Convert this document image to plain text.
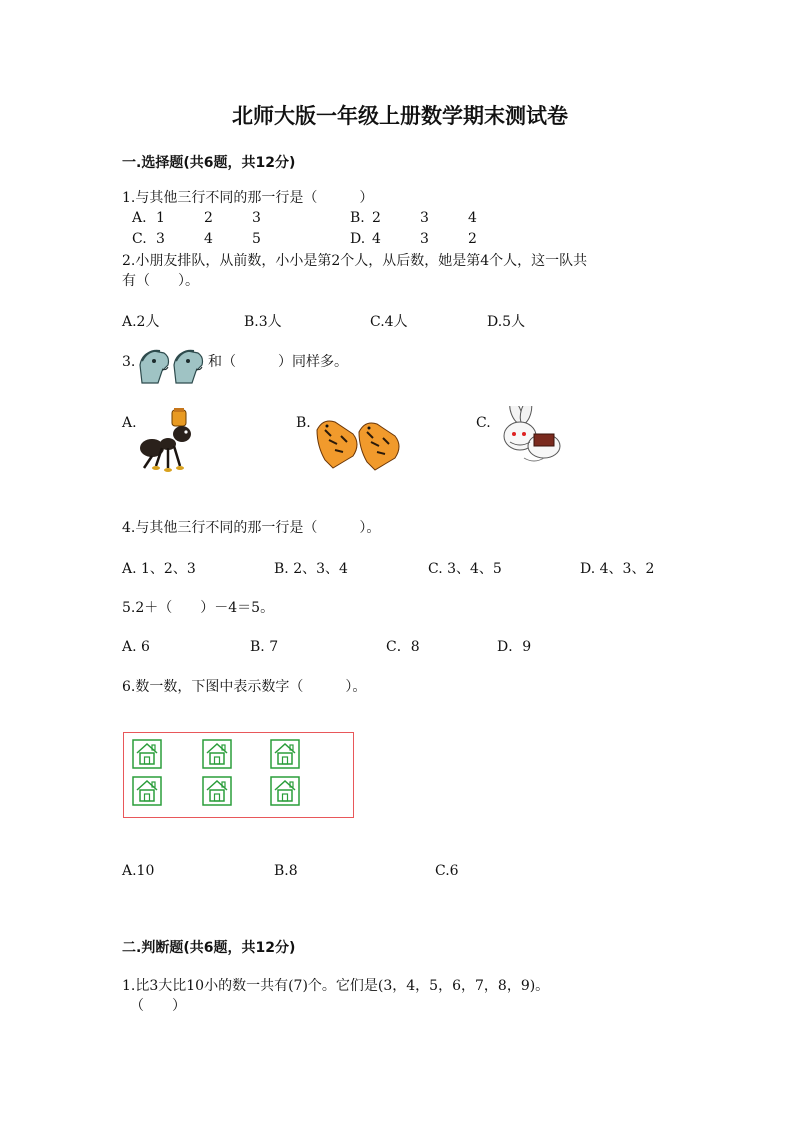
北师大版一年级上册数学期末测试卷
一.选择题(共6题，共12分)
1.与其他三行不同的那一行是（　　　）
A. 1	2	3	B. 2	3	4
C. 3	4	5	D. 4	3	2
2.小朋友排队，从前数，小小是第2个人，从后数，她是第4个人，这一队共
有（　　）。
A.2人	B.3人	C.4人	D.5人
3.	和（　　　）同样多。
A.	B.	C.
4.与其他三行不同的那一行是（　　　）。
A. 1、2、3	B. 2、3、4	C. 3、4、5	D. 4、3、2
5.2＋（　　）－4＝5。
A. 6	B. 7	C．8	D．9
6.数一数，下图中表示数字（　　　）。
A.10	B.8	C.6
二.判断题(共6题，共12分)
1.比3大比10小的数一共有(7)个。它们是(3，4，5，6，7，8，9)。
（　　）
